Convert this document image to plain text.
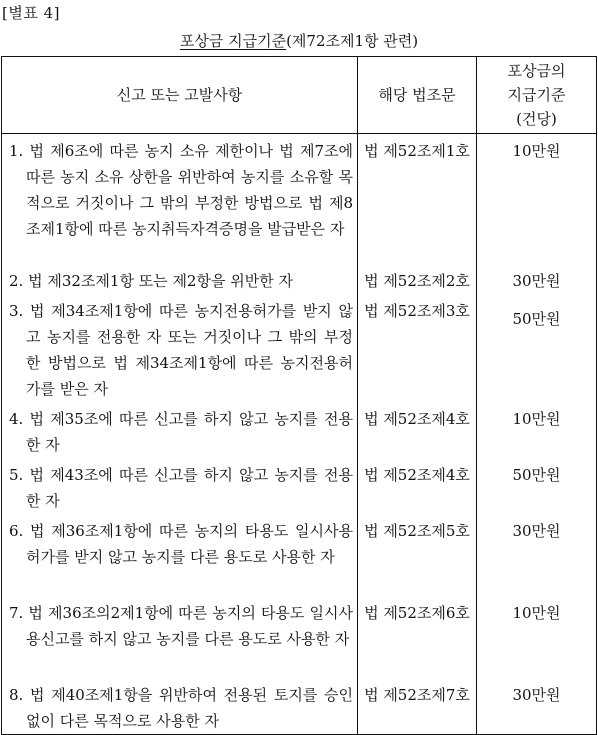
[별표 4]
포상금 지급기준(제72조제1항 관련)
신고 또는 고발사항	해당 법조문	포상금의
지급기준
(건당)

1. 법 제6조에 따른 농지 소유 제한이나 법 제7조에 따른 농지 소유 상한을 위반하여 농지를 소유할 목적으로 거짓이나 그 밖의 부정한 방법으로 법 제8조제1항에 따른 농지취득자격증명을 발급받은 자	법 제52조제1호	10만원

2. 법 제32조제1항 또는 제2항을 위반한 자	법 제52조제2호	30만원

3. 법 제34조제1항에 따른 농지전용허가를 받지 않고 농지를 전용한 자 또는 거짓이나 그 밖의 부정한 방법으로 법 제34조제1항에 따른 농지전용허가를 받은 자	법 제52조제3호	50만원

4. 법 제35조에 따른 신고를 하지 않고 농지를 전용한 자	법 제52조제4호	10만원

5. 법 제43조에 따른 신고를 하지 않고 농지를 전용한 자	법 제52조제4호	50만원

6. 법 제36조제1항에 따른 농지의 타용도 일시사용허가를 받지 않고 농지를 다른 용도로 사용한 자	법 제52조제5호	30만원

7. 법 제36조의2제1항에 따른 농지의 타용도 일시사용신고를 하지 않고 농지를 다른 용도로 사용한 자	법 제52조제6호	10만원

8. 법 제40조제1항을 위반하여 전용된 토지를 승인 없이 다른 목적으로 사용한 자	법 제52조제7호	30만원
